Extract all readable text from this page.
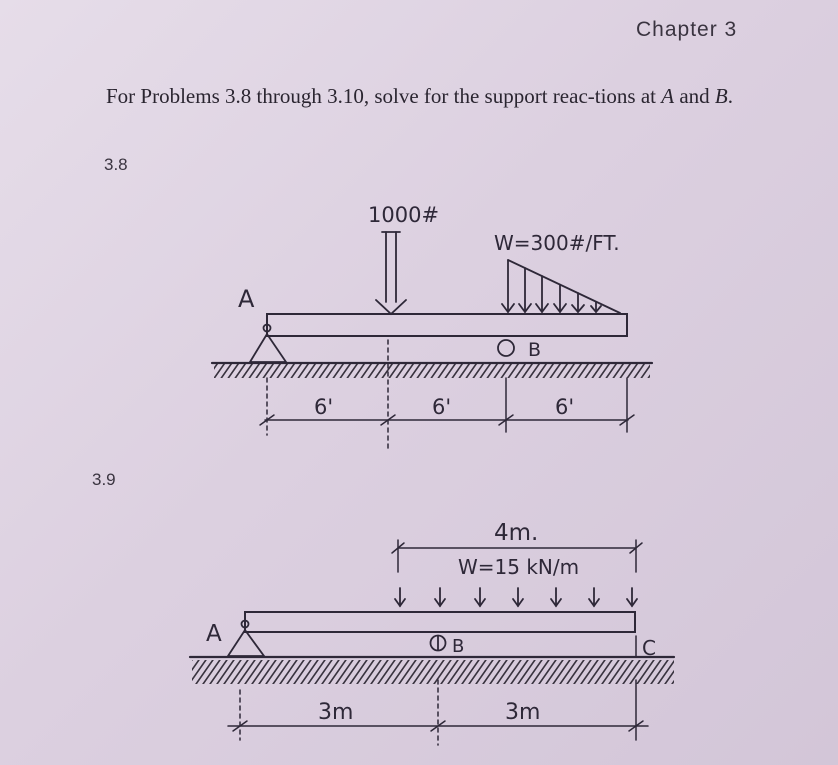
Chapter 3

For Problems 3.8 through 3.10, solve for the support reac-tions at A and B.

3.8
3.9
A
1000#
W=300#/FT.
B
6'	6'	6'
A
4m.
W=15 kN/m
B	C
3m	3m
